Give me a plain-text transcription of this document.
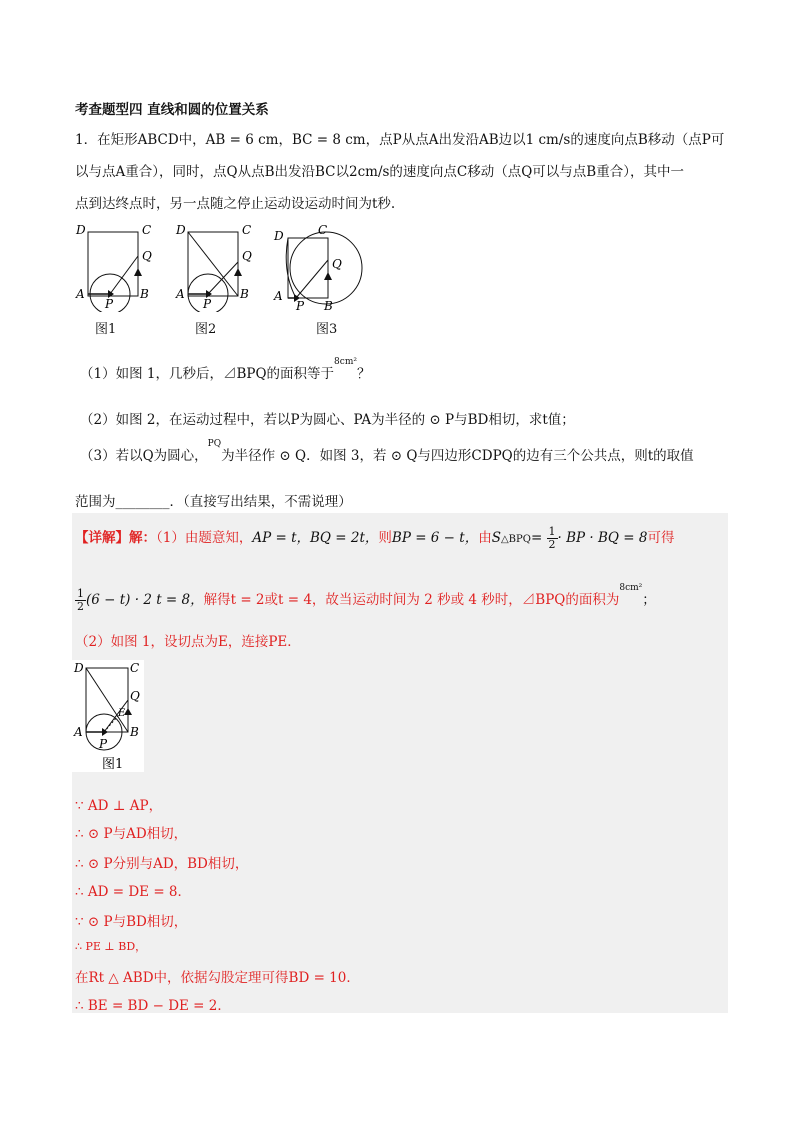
考查题型四 直线和圆的位置关系
1．在矩形ABCD中，AB = 6 cm，BC = 8 cm，点P从点A出发沿AB边以1 cm/s的速度向点B移动（点P可
以与点A重合），同时，点Q从点B出发沿BC以2cm/s的速度向点C移动（点Q可以与点B重合），其中一
点到达终点时，另一点随之停止运动设运动时间为t秒.
D	C
Q
A	B
P
图1
D	C
Q
A	B
P
图2
D	C
Q
A
B
P
图3
（1）如图 1，几秒后，⊿BPQ的面积等于$^{8cm^2}$？
（2）如图 2，在运动过程中，若以P为圆心、PA为半径的 ⊙ P与BD相切，求t值；
（3）若以Q为圆心，$^{PQ}$为半径作 ⊙ Q．如图 3，若 ⊙ Q与四边形CDPQ的边有三个公共点，则t的取值
范围为________．（直接写出结果，不需说理）
【详解】解：（1）由题意知，AP = t，BQ = 2t，则BP = 6 − t，由S△BPQ= $\frac{1}{2}\cdot$ BP · BQ = 8可得
$\frac{1}{2}(6 - t) \cdot 2$ t = 8，解得t = 2或t = 4，故当运动时间为 2 秒或 4 秒时，⊿BPQ的面积为$^{8cm^2}$；
（2）如图 1，设切点为E，连接PE．
D	C
Q
E
A	B
P
图1
∵ AD ⊥ AP，
∴ ⊙ P与AD相切，
∴ ⊙ P分别与AD，BD相切，
∴ AD = DE = 8．
∵ ⊙ P与BD相切，
∴ PE ⊥ BD，
在Rt △ ABD中，依据勾股定理可得BD = 10．
∴ BE = BD − DE = 2．
